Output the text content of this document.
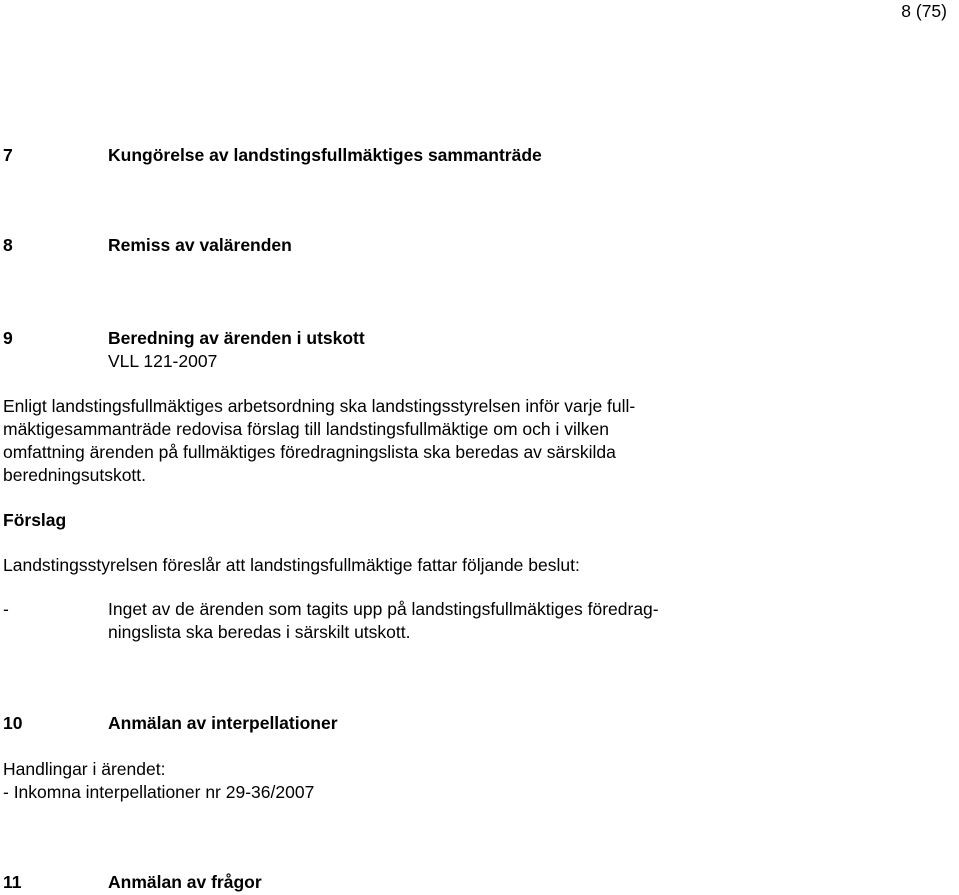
8 (75)
7	Kungörelse av landstingsfullmäktiges sammanträde
8	Remiss av valärenden
9	Beredning av ärenden i utskott
VLL 121-2007
Enligt landstingsfullmäktiges arbetsordning ska landstingsstyrelsen inför varje full-
mäktigesammanträde redovisa förslag till landstingsfullmäktige om och i vilken
omfattning ärenden på fullmäktiges föredragningslista ska beredas av särskilda
beredningsutskott.
Förslag
Landstingsstyrelsen föreslår att landstingsfullmäktige fattar följande beslut:
-	Inget av de ärenden som tagits upp på landstingsfullmäktiges föredrag-
ningslista ska beredas i särskilt utskott.
10	Anmälan av interpellationer
Handlingar i ärendet:
- Inkomna interpellationer nr 29-36/2007
11	Anmälan av frågor
